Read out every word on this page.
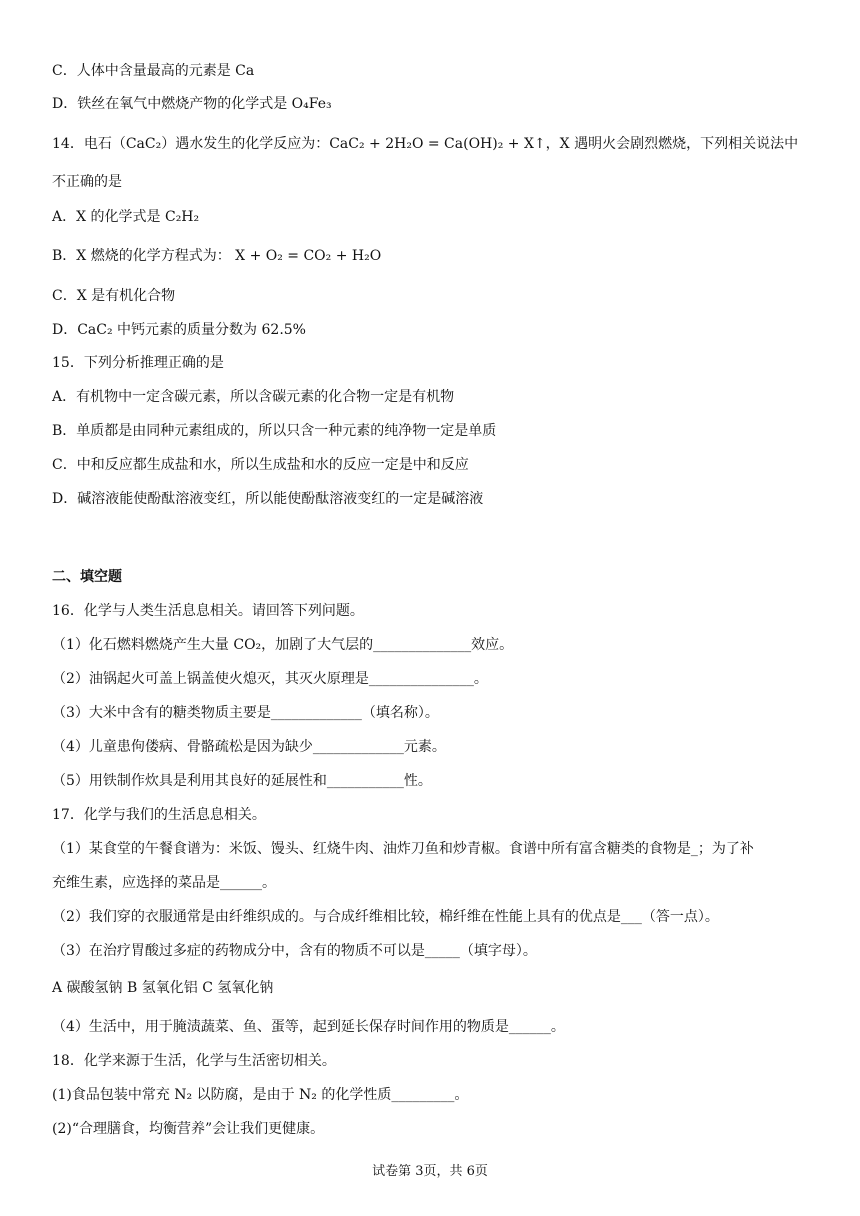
C．人体中含量最高的元素是 Ca
D．铁丝在氧气中燃烧产物的化学式是 O₄Fe₃
14．电石（CaC₂）遇水发生的化学反应为：CaC₂ + 2H₂O = Ca(OH)₂ + X↑，X 遇明火会剧烈燃烧，下列相关说法中
不正确的是
A．X 的化学式是 C₂H₂
B．X 燃烧的化学方程式为： X + O₂ = CO₂ + H₂O
C．X 是有机化合物
D．CaC₂ 中钙元素的质量分数为 62.5%
15．下列分析推理正确的是
A．有机物中一定含碳元素，所以含碳元素的化合物一定是有机物
B．单质都是由同种元素组成的，所以只含一种元素的纯净物一定是单质
C．中和反应都生成盐和水，所以生成盐和水的反应一定是中和反应
D．碱溶液能使酚酞溶液变红，所以能使酚酞溶液变红的一定是碱溶液
二、填空题
16．化学与人类生活息息相关。请回答下列问题。
（1）化石燃料燃烧产生大量 CO₂，加剧了大气层的______________效应。
（2）油锅起火可盖上锅盖使火熄灭，其灭火原理是_______________。
（3）大米中含有的糖类物质主要是_____________（填名称）。
（4）儿童患佝偻病、骨骼疏松是因为缺少_____________元素。
（5）用铁制作炊具是利用其良好的延展性和___________性。
17．化学与我们的生活息息相关。
（1）某食堂的午餐食谱为：米饭、馒头、红烧牛肉、油炸刀鱼和炒青椒。食谱中所有富含糖类的食物是_；为了补
充维生素，应选择的菜品是______。
（2）我们穿的衣服通常是由纤维织成的。与合成纤维相比较，棉纤维在性能上具有的优点是___（答一点）。
（3）在治疗胃酸过多症的药物成分中，含有的物质不可以是_____（填字母）。
A 碳酸氢钠 B 氢氧化铝 C 氢氧化钠
（4）生活中，用于腌渍蔬菜、鱼、蛋等，起到延长保存时间作用的物质是______。
18．化学来源于生活，化学与生活密切相关。
(1)食品包装中常充 N₂ 以防腐，是由于 N₂ 的化学性质_________。
(2)“合理膳食，均衡营养”会让我们更健康。
试卷第 3页，共 6页
